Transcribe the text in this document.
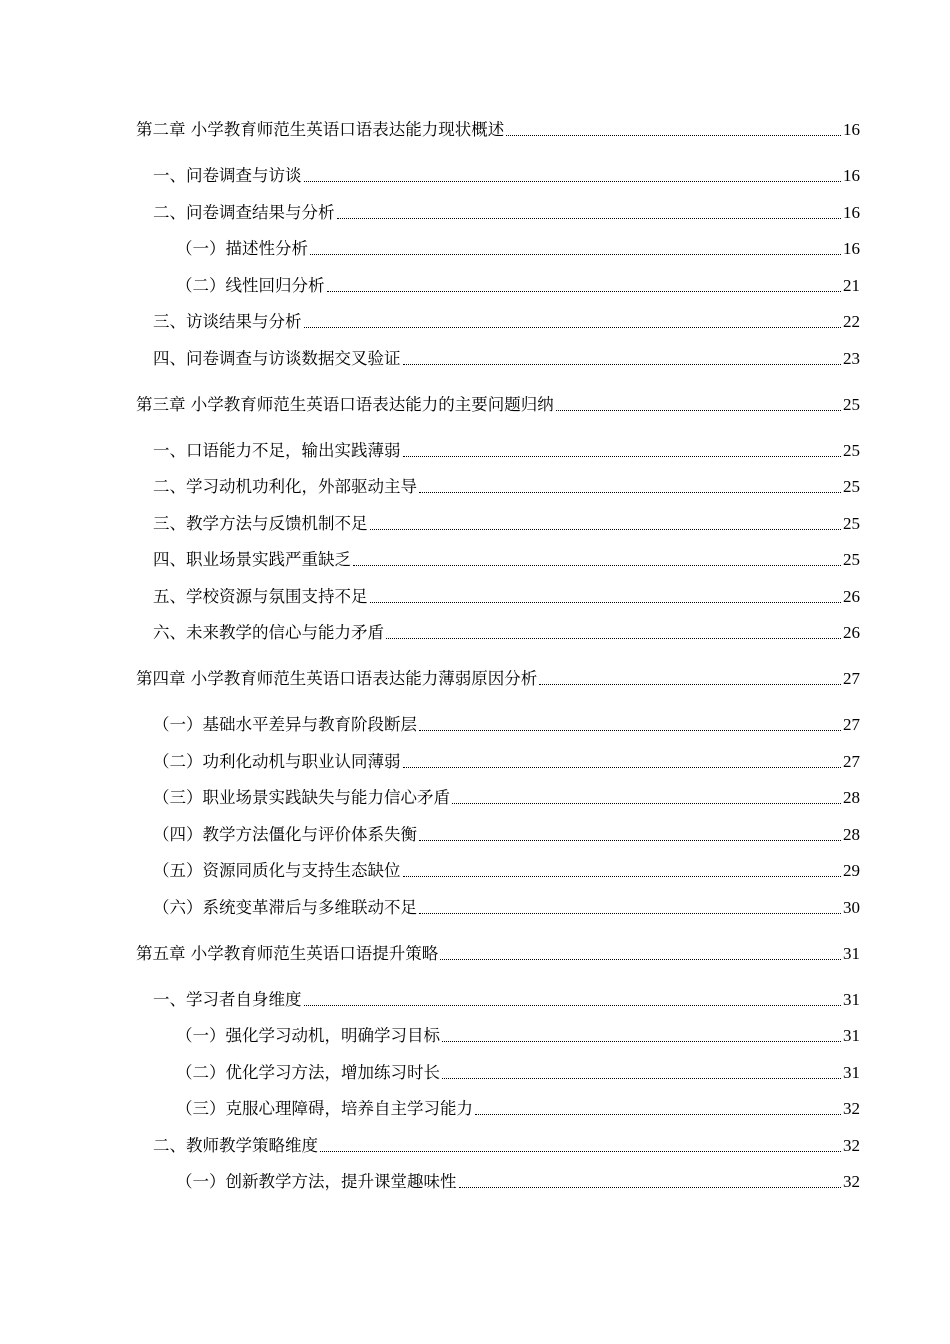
第二章 小学教育师范生英语口语表达能力现状概述	16
一、问卷调查与访谈	16
二、问卷调查结果与分析	16
（一）描述性分析	16
（二）线性回归分析	21
三、访谈结果与分析	22
四、问卷调查与访谈数据交叉验证	23
第三章 小学教育师范生英语口语表达能力的主要问题归纳	25
一、口语能力不足，输出实践薄弱	25
二、学习动机功利化，外部驱动主导	25
三、教学方法与反馈机制不足	25
四、职业场景实践严重缺乏	25
五、学校资源与氛围支持不足	26
六、未来教学的信心与能力矛盾	26
第四章 小学教育师范生英语口语表达能力薄弱原因分析	27
（一）基础水平差异与教育阶段断层	27
（二）功利化动机与职业认同薄弱	27
（三）职业场景实践缺失与能力信心矛盾	28
（四）教学方法僵化与评价体系失衡	28
（五）资源同质化与支持生态缺位	29
（六）系统变革滞后与多维联动不足	30
第五章 小学教育师范生英语口语提升策略	31
一、学习者自身维度	31
（一）强化学习动机，明确学习目标	31
（二）优化学习方法，增加练习时长	31
（三）克服心理障碍，培养自主学习能力	32
二、教师教学策略维度	32
（一）创新教学方法，提升课堂趣味性	32
